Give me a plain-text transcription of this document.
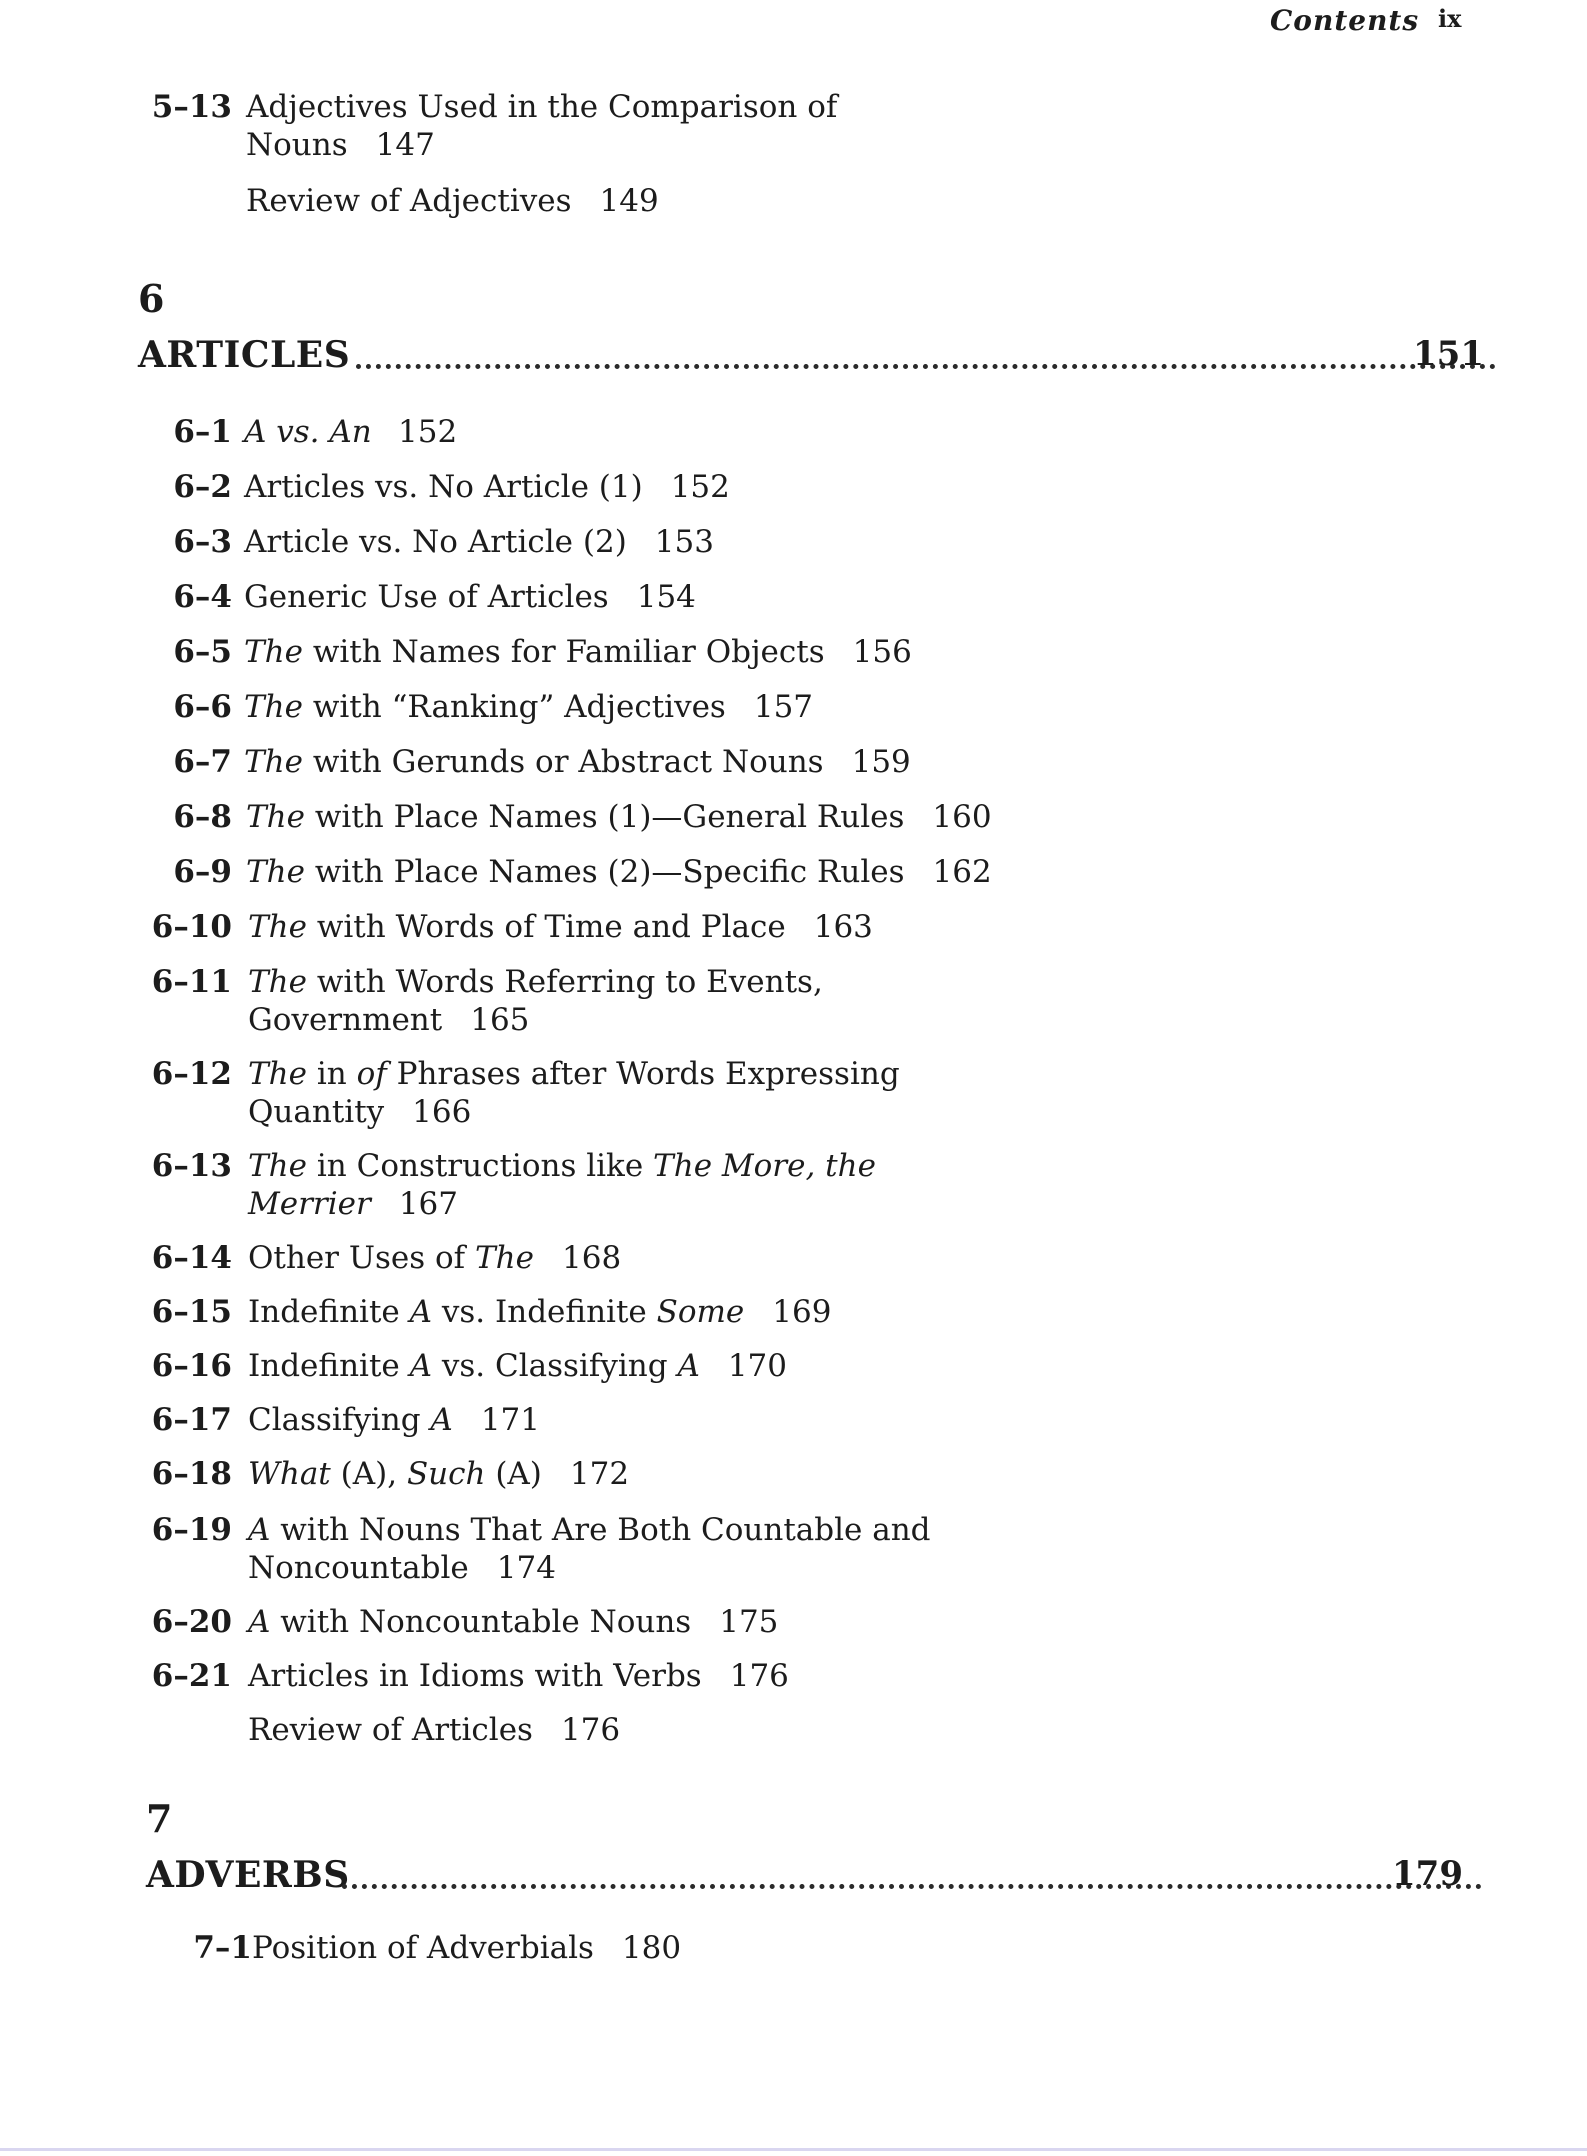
Contents ix
5–13 Adjectives Used in the Comparison of
Nouns 147
Review of Adjectives 149
6
ARTICLES	151
6–1 A vs. An 152
6–2 Articles vs. No Article (1) 152
6–3 Article vs. No Article (2) 153
6–4 Generic Use of Articles 154
6–5 The with Names for Familiar Objects 156
6–6 The with “Ranking” Adjectives 157
6–7 The with Gerunds or Abstract Nouns 159
6–8 The with Place Names (1)—General Rules 160
6–9 The with Place Names (2)—Specific Rules 162
6–10 The with Words of Time and Place 163
6–11 The with Words Referring to Events,
Government 165
6–12 The in of Phrases after Words Expressing
Quantity 166
6–13 The in Constructions like The More, the
Merrier 167
6–14 Other Uses of The 168
6–15 Indefinite A vs. Indefinite Some 169
6–16 Indefinite A vs. Classifying A 170
6–17 Classifying A 171
6–18 What (A), Such (A) 172
6–19 A with Nouns That Are Both Countable and
Noncountable 174
6–20 A with Noncountable Nouns 175
6–21 Articles in Idioms with Verbs 176
Review of Articles 176
7
ADVERBS	179
7–1 Position of Adverbials 180
